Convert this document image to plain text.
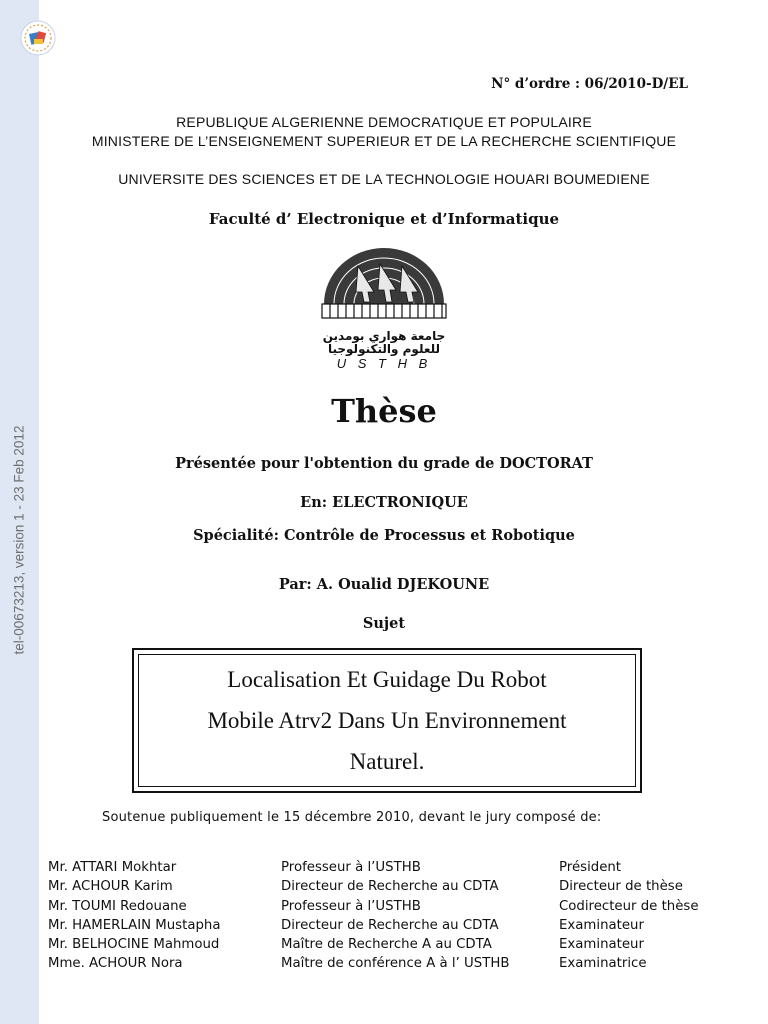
tel-00673213, version 1 - 23 Feb 2012
N° d’ordre : 06/2010-D/EL
REPUBLIQUE ALGERIENNE DEMOCRATIQUE ET POPULAIRE
MINISTERE DE L’ENSEIGNEMENT SUPERIEUR ET DE LA RECHERCHE SCIENTIFIQUE
UNIVERSITE DES SCIENCES ET DE LA TECHNOLOGIE HOUARI BOUMEDIENE
Faculté d’ Electronique et d’Informatique
جامعة هواري بومدين
للعلوم والتكنولوجيا
U S T H B
Thèse
Présentée pour l'obtention du grade de DOCTORAT
En: ELECTRONIQUE
Spécialité: Contrôle de Processus et Robotique
Par: A. Oualid DJEKOUNE
Sujet
Localisation Et Guidage Du Robot
Mobile Atrv2 Dans Un Environnement
Naturel.
Soutenue publiquement le 15 décembre 2010, devant le jury composé de:
Mr. ATTARI Mokhtar	Professeur à l’USTHB	Président
Mr. ACHOUR Karim	Directeur de Recherche au CDTA	Directeur de thèse
Mr. TOUMI Redouane	Professeur à l’USTHB	Codirecteur de thèse
Mr. HAMERLAIN Mustapha	Directeur de Recherche au CDTA	Examinateur
Mr. BELHOCINE Mahmoud	Maître de Recherche A au CDTA	Examinateur
Mme. ACHOUR Nora	Maître de conférence A à l’ USTHB	Examinatrice
